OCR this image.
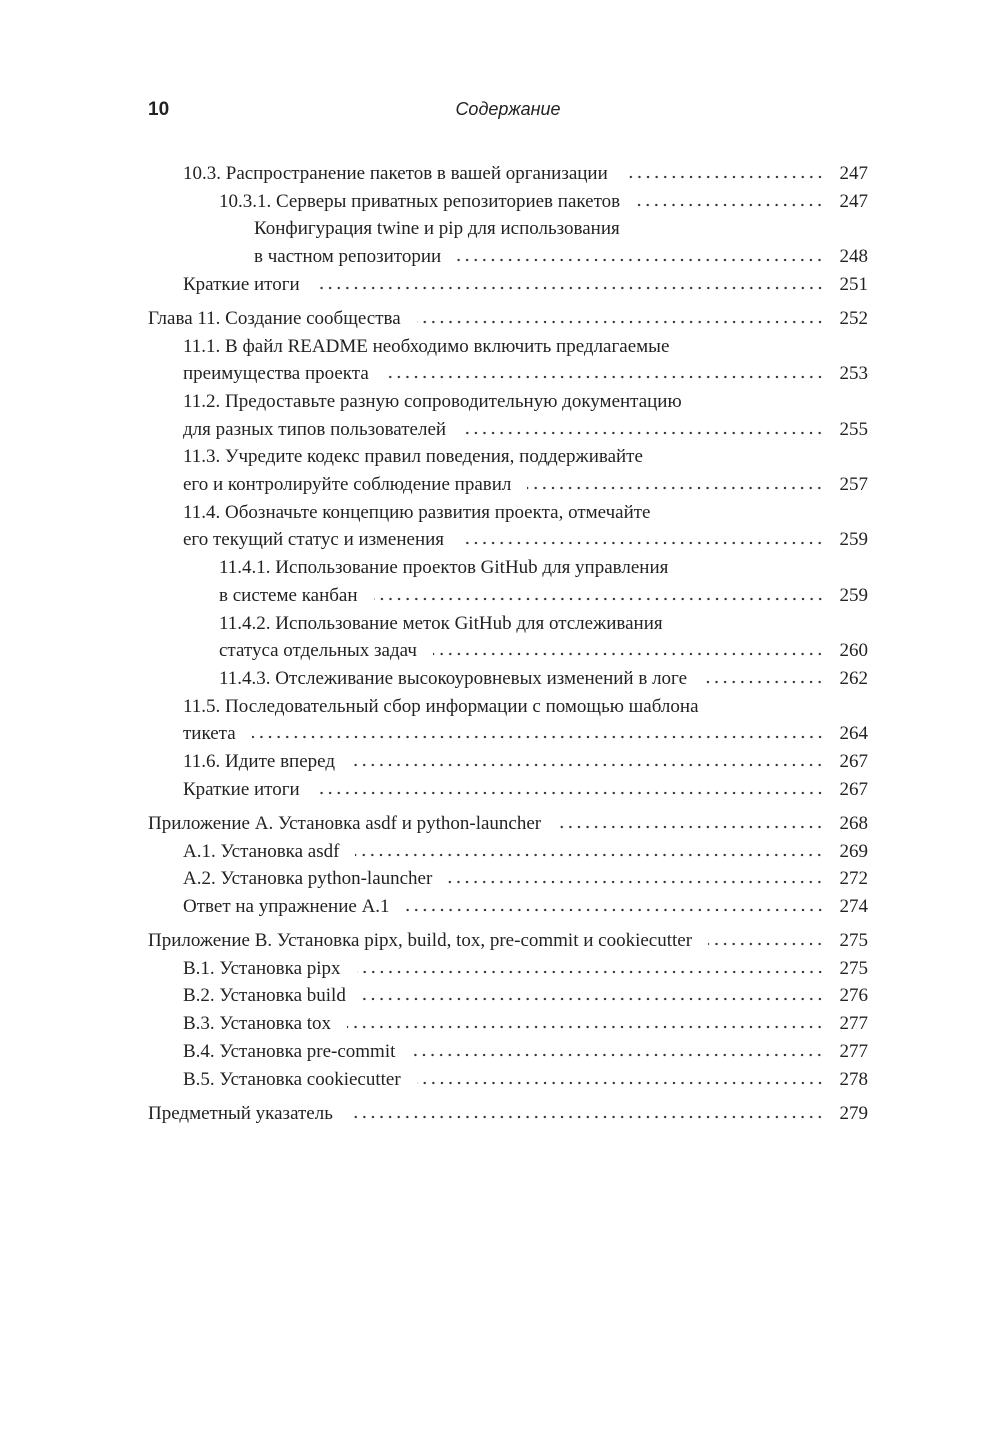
10	Содержание
10.3. Распространение пакетов в вашей организации	247
10.3.1. Серверы приватных репозиториев пакетов	247
Конфигурация twine и pip для использования
в частном репозитории	248
Краткие итоги	251
Глава 11. Создание сообщества	252
11.1. В файл README необходимо включить предлагаемые
преимущества проекта	253
11.2. Предоставьте разную сопроводительную документацию
для разных типов пользователей	255
11.3. Учредите кодекс правил поведения, поддерживайте
его и контролируйте соблюдение правил	257
11.4. Обозначьте концепцию развития проекта, отмечайте
его текущий статус и изменения	259
11.4.1. Использование проектов GitHub для управления
в системе канбан	259
11.4.2. Использование меток GitHub для отслеживания
статуса отдельных задач	260
11.4.3. Отслеживание высокоуровневых изменений в логе	262
11.5. Последовательный сбор информации с помощью шаблона
тикета	264
11.6. Идите вперед	267
Краткие итоги	267
Приложение А. Установка asdf и python-launcher	268
А.1. Установка asdf	269
А.2. Установка python-launcher	272
Ответ на упражнение А.1	274
Приложение B. Установка pipx, build, tox, pre-commit и cookiecutter	275
B.1. Установка pipx	275
B.2. Установка build	276
B.3. Установка tox	277
B.4. Установка pre-commit	277
B.5. Установка cookiecutter	278
Предметный указатель	279
